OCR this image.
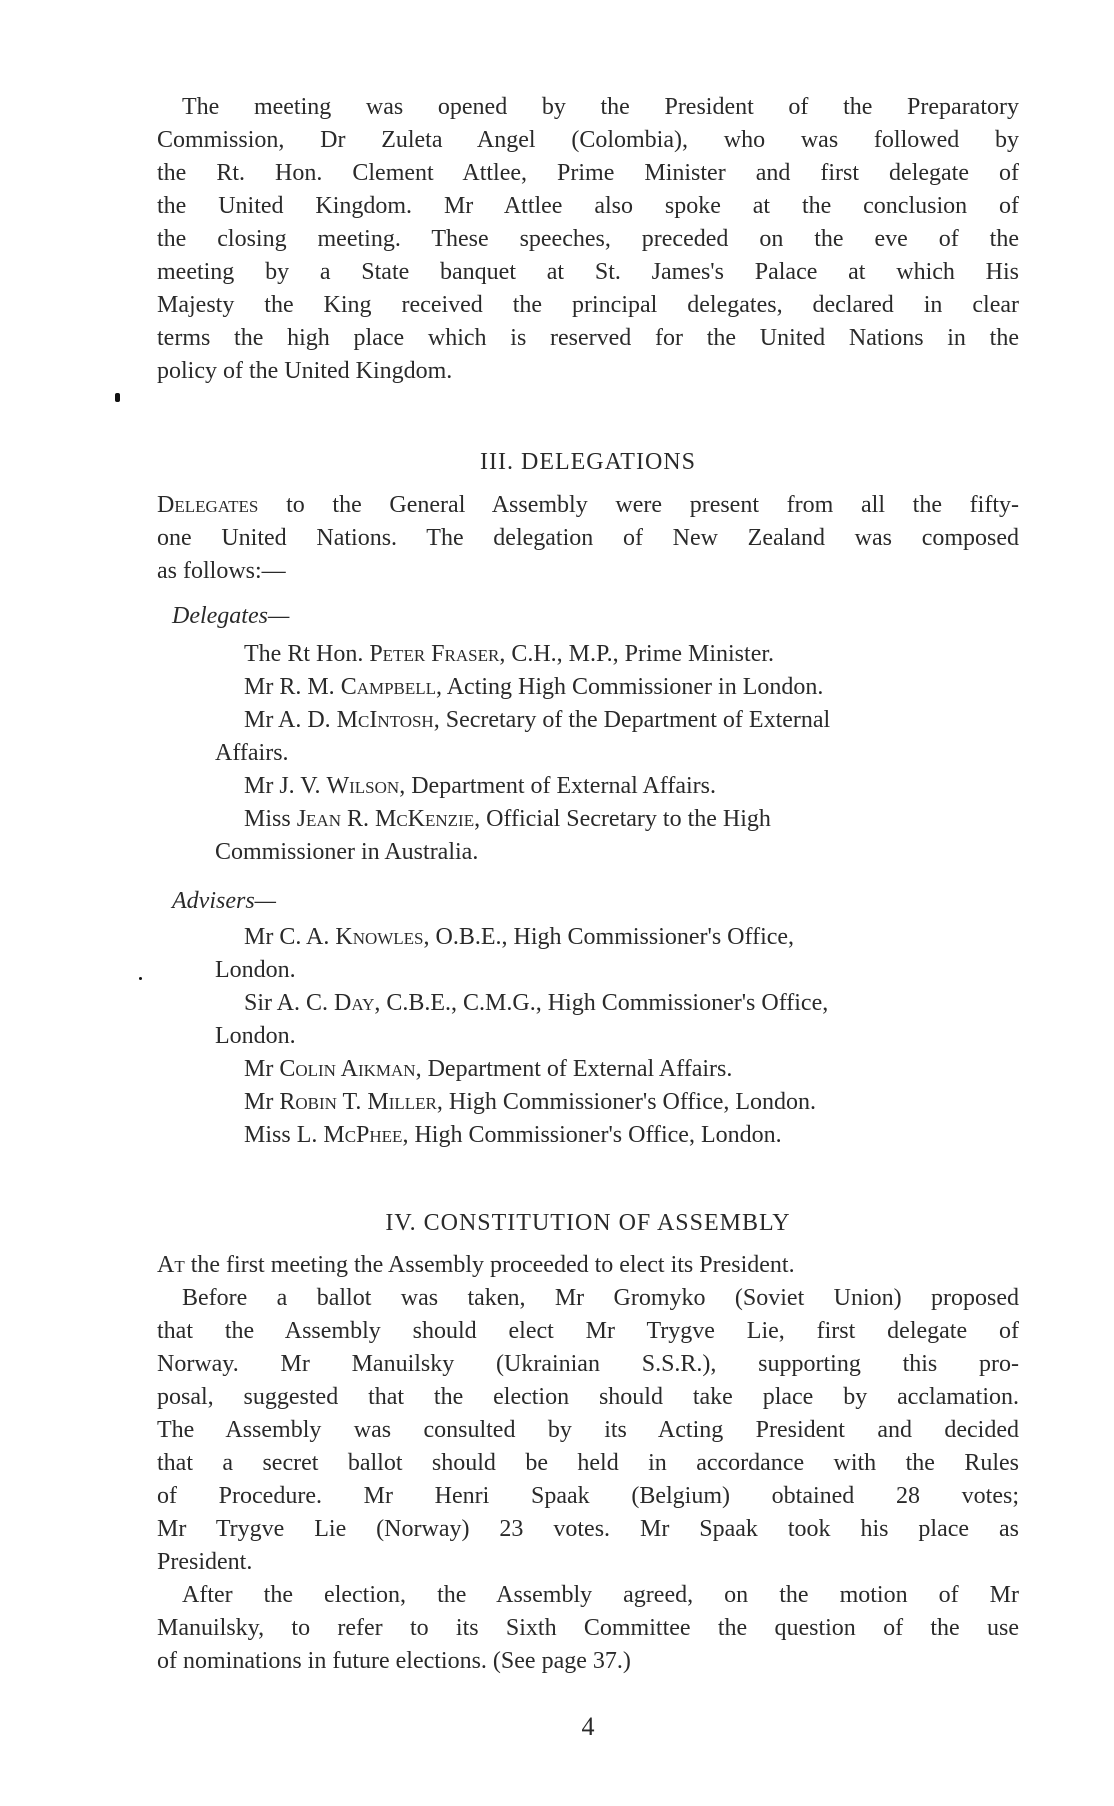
The meeting was opened by the President of the Preparatory
Commission, Dr Zuleta Angel (Colombia), who was followed by
the Rt. Hon. Clement Attlee, Prime Minister and first delegate of
the United Kingdom. Mr Attlee also spoke at the conclusion of
the closing meeting. These speeches, preceded on the eve of the
meeting by a State banquet at St. James's Palace at which His
Majesty the King received the principal delegates, declared in clear
terms the high place which is reserved for the United Nations in the
policy of the United Kingdom.
III. DELEGATIONS
Delegates to the General Assembly were present from all the fifty-
one United Nations. The delegation of New Zealand was composed
as follows:—
Delegates—
The Rt Hon. Peter Fraser, C.H., M.P., Prime Minister.
Mr R. M. Campbell, Acting High Commissioner in London.
Mr A. D. McIntosh, Secretary of the Department of External
Affairs.
Mr J. V. Wilson, Department of External Affairs.
Miss Jean R. McKenzie, Official Secretary to the High
Commissioner in Australia.
Advisers—
Mr C. A. Knowles, O.B.E., High Commissioner's Office,
London.
Sir A. C. Day, C.B.E., C.M.G., High Commissioner's Office,
London.
Mr Colin Aikman, Department of External Affairs.
Mr Robin T. Miller, High Commissioner's Office, London.
Miss L. McPhee, High Commissioner's Office, London.
IV. CONSTITUTION OF ASSEMBLY
At the first meeting the Assembly proceeded to elect its President.
Before a ballot was taken, Mr Gromyko (Soviet Union) proposed
that the Assembly should elect Mr Trygve Lie, first delegate of
Norway. Mr Manuilsky (Ukrainian S.S.R.), supporting this pro-
posal, suggested that the election should take place by acclamation.
The Assembly was consulted by its Acting President and decided
that a secret ballot should be held in accordance with the Rules
of Procedure. Mr Henri Spaak (Belgium) obtained 28 votes;
Mr Trygve Lie (Norway) 23 votes. Mr Spaak took his place as
President.
After the election, the Assembly agreed, on the motion of Mr
Manuilsky, to refer to its Sixth Committee the question of the use
of nominations in future elections. (See page 37.)
4
